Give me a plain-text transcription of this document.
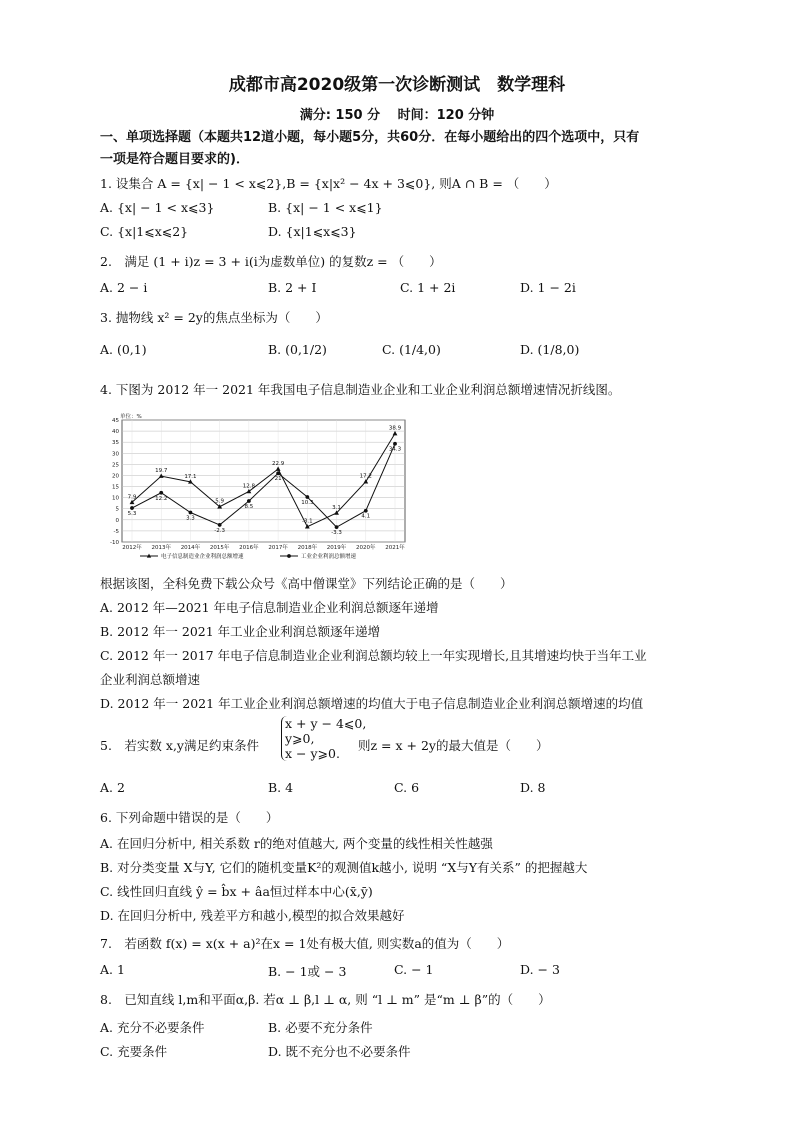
成都市高2020级第一次诊断测试　数学理科
满分: 150 分　 时间：120 分钟
一、单项选择题（本题共12道小题，每小题5分，共60分．在每小题给出的四个选项中，只有
一项是符合题目要求的)．
1. 设集合 A = {x| − 1 < x⩽2},B = {x|x² − 4x + 3⩽0}, 则A ∩ B = （　　）
A. {x| − 1 < x⩽3}	B. {x| − 1 < x⩽1}
C. {x|1⩽x⩽2}	D. {x|1⩽x⩽3}
2.　满足 (1 + i)z = 3 + i(i为虚数单位) 的复数z = （　　）
A. 2 − i	B. 2 + I	C. 1 + 2i	D. 1 − 2i
3. 抛物线 x² = 2y的焦点坐标为（　　）
A. (0,1)	B. (0,1/2)	C. (1/4,0)	D. (1/8,0)
4. 下图为 2012 年一 2021 年我国电子信息制造业企业和工业企业利润总额增速情况折线图。
-10
-5
0
5
10
15
20
25
30
35
40
45
2012年 2013年 2014年 2015年 2016年 2017年 2018年 2019年 2020年 2021年
单位：%
7.9
19.7
17.1
5.9
12.8
22.9
-3.1
3.1
17.2
38.9
5.3
12.2
3.3
-2.3
8.5
21
10.3
-3.3
4.1
34.3
电子信息制造业企业利润总额增速	工业企业利润总额增速
根据该图，全科免费下载公众号《高中僧课堂》下列结论正确的是（　　）
A. 2012 年—2021 年电子信息制造业企业利润总额逐年递增
B. 2012 年一 2021 年工业企业利润总额逐年递增
C. 2012 年一 2017 年电子信息制造业企业利润总额均较上一年实现增长,且其增速均快于当年工业
企业利润总额增速
D. 2012 年一 2021 年工业企业利润总额增速的均值大于电子信息制造业企业利润总额增速的均值
5.　若实数 x,y满足约束条件
x + y − 4⩽0,
y⩾0,
x − y⩾0.
则z = x + 2y的最大值是（　　）
A. 2	B. 4	C. 6	D. 8
6. 下列命题中错误的是（　　）
A. 在回归分析中, 相关系数 r的绝对值越大, 两个变量的线性相关性越强
B. 对分类变量 X与Y, 它们的随机变量K²的观测值k越小, 说明 “X与Y有关系” 的把握越大
C. 线性回归直线 ŷ = b̂x + âa恒过样本中心(x̄,ȳ)
D. 在回归分析中, 残差平方和越小,模型的拟合效果越好
7.　若函数 f(x) = x(x + a)²在x = 1处有极大值, 则实数a的值为（　　）
A. 1	B. − 1或 − 3	C. − 1	D. − 3
8.　已知直线 l,m和平面α,β. 若α ⊥ β,l ⊥ α, 则 “l ⊥ m” 是“m ⊥ β”的（　　）
A. 充分不必要条件	B. 必要不充分条件
C. 充要条件	D. 既不充分也不必要条件
